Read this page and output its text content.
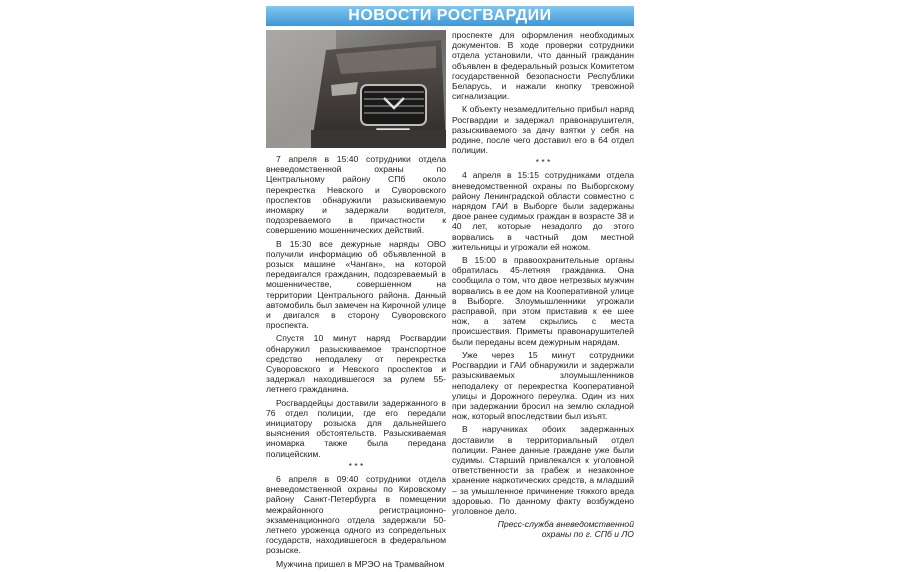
НОВОСТИ РОСГВАРДИИ

7 апреля в 15:40 сотрудники отдела вневедомственной охраны по Центральному району СПб около перекрестка Невского и Суворовского проспектов обнаружили разыскиваемую иномарку и задержали водителя, подозреваемого в причастности к совершению мошеннических действий.

В 15:30 все дежурные наряды ОВО получили информацию об объявленной в розыск машине «Чанган», на которой передвигался гражданин, подозреваемый в мошенничестве, совершенном на территории Центрального района. Данный автомобиль был замечен на Кирочной улице и двигался в сторону Суворовского проспекта.

Спустя 10 минут наряд Росгвардии обнаружил разыскиваемое транспортное средство неподалеку от перекрестка Суворовского и Невского проспектов и задержал находившегося за рулем 55-летнего гражданина.

Росгвардейцы доставили задержанного в 76 отдел полиции, где его передали инициатору розыска для дальнейшего выяснения обстоятельств. Разыскиваемая иномарка также была передана полицейским.

* * *

6 апреля в 09:40 сотрудники отдела вневедомственной охраны по Кировскому району Санкт-Петербурга в помещении межрайонного регистрационно-экзаменационного отдела задержали 50-летнего уроженца одного из сопредельных государств, находившегося в федеральном розыске.

Мужчина пришел в МРЭО на Трамвайном

проспекте для оформления необходимых документов. В ходе проверки сотрудники отдела установили, что данный гражданин объявлен в федеральный розыск Комитетом государственной безопасности Республики Беларусь, и нажали кнопку тревожной сигнализации.

К объекту незамедлительно прибыл наряд Росгвардии и задержал правонарушителя, разыскиваемого за дачу взятки у себя на родине, после чего доставил его в 64 отдел полиции.

* * *

4 апреля в 15:15 сотрудниками отдела вневедомственной охраны по Выборгскому району Ленинградской области совместно с нарядом ГАИ в Выборге были задержаны двое ранее судимых граждан в возрасте 38 и 40 лет, которые незадолго до этого ворвались в частный дом местной жительницы и угрожали ей ножом.

В 15:00 в правоохранительные органы обратилась 45-летняя гражданка. Она сообщила о том, что двое нетрезвых мужчин ворвались в ее дом на Кооперативной улице в Выборге. Злоумышленники угрожали расправой, при этом приставив к ее шее нож, а затем скрылись с места происшествия. Приметы правонарушителей были переданы всем дежурным нарядам.

Уже через 15 минут сотрудники Росгвардии и ГАИ обнаружили и задержали разыскиваемых злоумышленников неподалеку от перекрестка Кооперативной улицы и Дорожного переулка. Один из них при задержании бросил на землю складной нож, который впоследствии был изъят.

В наручниках обоих задержанных доставили в территориальный отдел полиции. Ранее данные граждане уже были судимы. Старший привлекался к уголовной ответственности за грабеж и незаконное хранение наркотических средств, а младший – за умышленное причинение тяжкого вреда здоровью. По данному факту возбуждено уголовное дело.

Пресс-служба вневедомственной
охраны по г. СПб и ЛО
